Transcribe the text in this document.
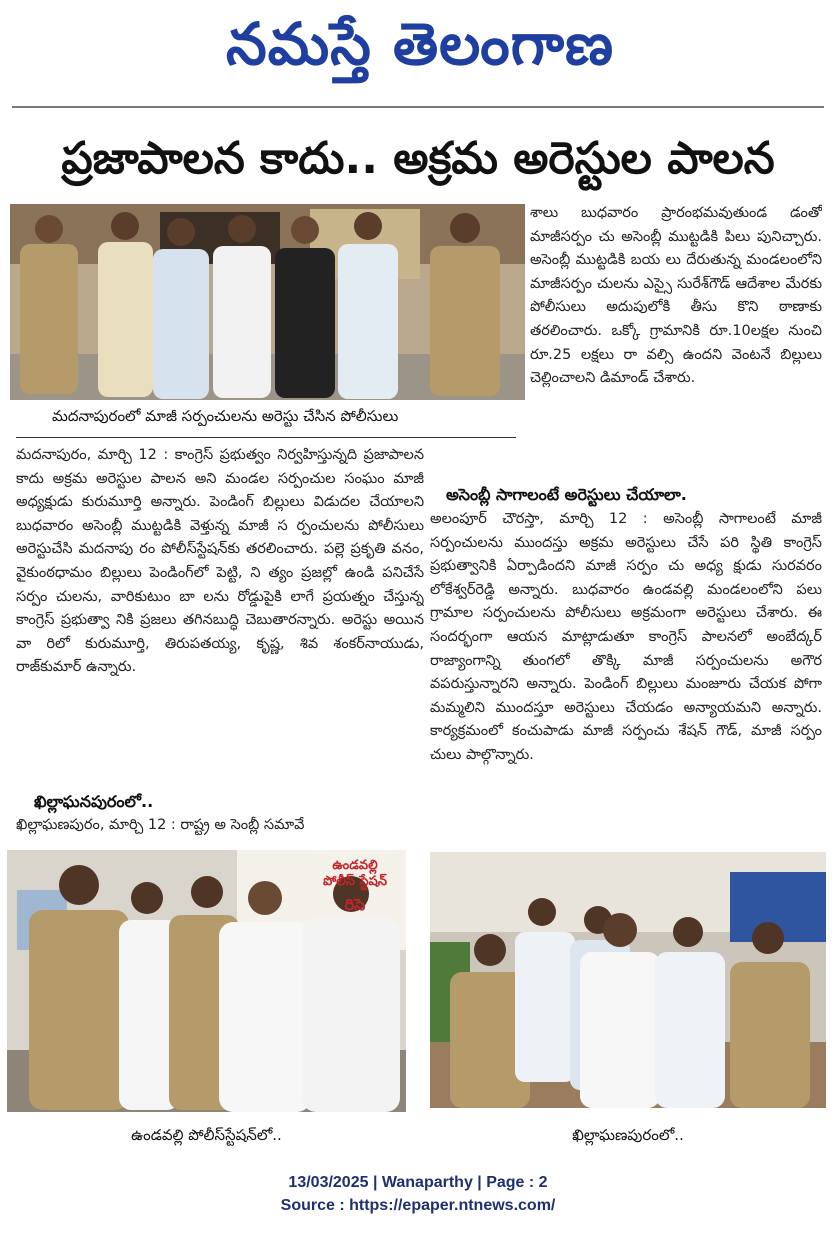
నమస్తే తెలంగాణ
ప్రజాపాలన కాదు.. అక్రమ అరెస్టుల పాలన
మదనాపురంలో మాజీ సర్పంచులను అరెస్టు చేసిన పోలీసులు
శాలు బుధవారం ప్రారంభమవుతుండ డంతో మాజీసర్పం చు అసెంబ్లీ ముట్టడికి పిలు పునిచ్చారు. అసెంబ్లీ ముట్టడికి బయ లు దేరుతున్న మండలంలోని మాజీసర్పం చులను ఎస్సై సురేశ్‌గౌడ్ ఆదేశాల మేరకు పోలీసులు అదుపులోకి తీసు కొని ఠాణాకు తరలించారు. ఒక్కో గ్రామానికి రూ.10లక్షల నుంచి రూ.25 లక్షలు రా వల్సి ఉందని వెంటనే బిల్లులు చెల్లించాలని డిమాండ్ చేశారు.
మదనాపురం, మార్చి 12 : కాంగ్రెస్ ప్రభుత్వం నిర్వహిస్తున్నది ప్రజాపాలన కాదు అక్రమ అరెస్టుల పాలన అని మండల సర్పంచుల సంఘం మాజీ అధ్యక్షుడు కురుమూర్తి అన్నారు. పెండింగ్ బిల్లులు విడుదల చేయాలని బుధవారం అసెంబ్లీ ముట్టడికి వెళ్తున్న మాజీ స ర్పంచులను పోలీసులు అరెస్టుచేసి మదనాపు రం పోలీస్‌స్టేషన్‌కు తరలించారు. పల్లె ప్రకృతి వనం, వైకుంఠధామం బిల్లులు పెండింగ్‌లో పెట్టి, ని త్యం ప్రజల్లో ఉండి పనిచేసే సర్పం చులను, వారికుటుం బా లను రోడ్డుపైకి లాగే ప్రయత్నం చేస్తున్న కాంగ్రెస్ ప్రభుత్వా నికి ప్రజలు తగినబుద్ధి చెబుతారన్నారు. అరెస్టు అయిన వా రిలో కురుమూర్తి, తిరుపతయ్య, కృష్ణ, శివ శంకర్‌నాయుడు, రాజ్‌కుమార్ ఉన్నారు.
ఖిల్లాఘనపురంలో..
ఖిల్లాఘణపురం, మార్చి 12 : రాష్ట్ర అ సెంబ్లీ సమావే
అసెంబ్లీ సాగాలంటే అరెస్టులు చేయాలా.
అలంపూర్ చౌరస్తా, మార్చి 12 : అసెంబ్లీ సాగాలంటే మాజీ సర్పంచులను ముందస్తు అక్రమ అరెస్టులు చేసే పరి స్థితి కాంగ్రెస్ ప్రభుత్వానికి ఏర్పాడిందని మాజీ సర్పం చు అధ్య క్షుడు సురవరం లోకేశ్వర్‌రెడ్డి అన్నారు. బుధవారం ఉండవల్లి మండలంలోని పలు గ్రామాల సర్పంచులను పోలీసులు అక్రమంగా అరెస్టులు చేశారు. ఈ సందర్భంగా ఆయన మాట్లాడుతూ కాంగ్రెస్ పాలనలో అంబేద్కర్ రాజ్యాంగాన్ని తుంగలో తొక్కి మాజీ సర్పంచులను అగౌర వపరుస్తున్నారని అన్నారు. పెండింగ్ బిల్లులు మంజూరు చేయక పోగా మమ్మలిని ముందస్తూ అరెస్టులు చేయడం అన్యాయమని అన్నారు. కార్యక్రమంలో కంచుపాడు మాజీ సర్పంచు శేషన్ గౌడ్, మాజీ సర్పం చులు పాల్గొన్నారు.
ఉండవల్లి
పోలీస్ స్టేషన్
రిసె
ఉండవల్లి పోలీస్‌స్టేషన్‌లో..	ఖిల్లాఘణపురంలో..
13/03/2025 | Wanaparthy | Page : 2
Source : https://epaper.ntnews.com/
